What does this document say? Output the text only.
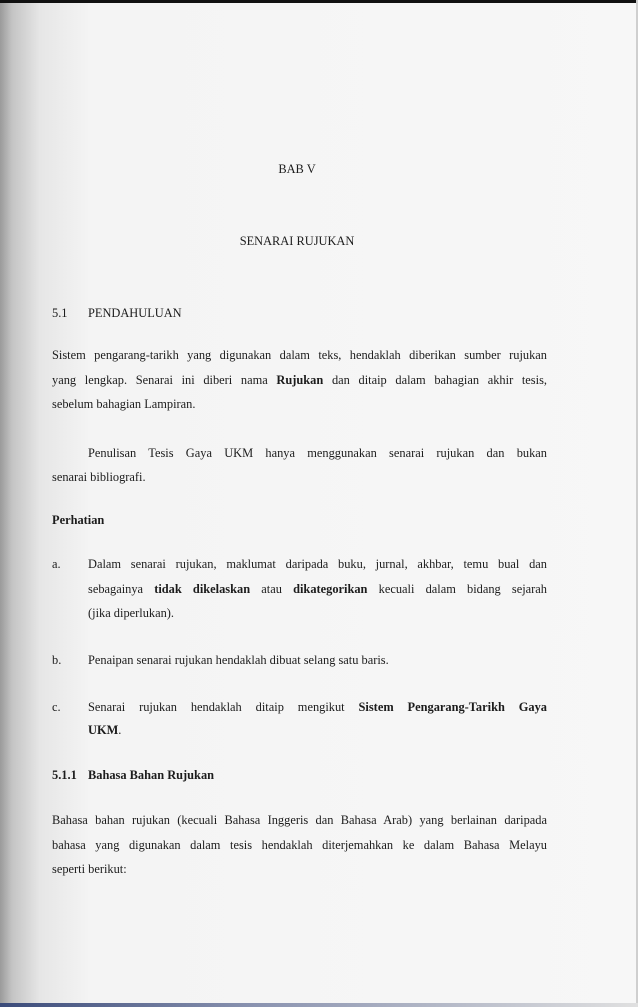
BAB V
SENARAI RUJUKAN
5.1 PENDAHULUAN
Sistem pengarang-tarikh yang digunakan dalam teks, hendaklah diberikan sumber rujukan
yang lengkap. Senarai ini diberi nama Rujukan dan ditaip dalam bahagian akhir tesis,
sebelum bahagian Lampiran.
Penulisan Tesis Gaya UKM hanya menggunakan senarai rujukan dan bukan
senarai bibliografi.
Perhatian
a. Dalam senarai rujukan, maklumat daripada buku, jurnal, akhbar, temu bual dan
sebagainya tidak dikelaskan atau dikategorikan kecuali dalam bidang sejarah
(jika diperlukan).
b. Penaipan senarai rujukan hendaklah dibuat selang satu baris.
c. Senarai rujukan hendaklah ditaip mengikut Sistem Pengarang-Tarikh Gaya
UKM.
5.1.1 Bahasa Bahan Rujukan
Bahasa bahan rujukan (kecuali Bahasa Inggeris dan Bahasa Arab) yang berlainan daripada
bahasa yang digunakan dalam tesis hendaklah diterjemahkan ke dalam Bahasa Melayu
seperti berikut:
